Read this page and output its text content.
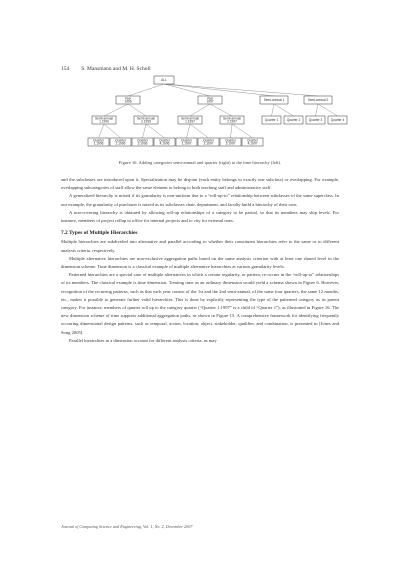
154 S. Mansmann and M. H. Scholl
ALL
Year
1996
Year
1997	Semi-annual 1	Semi-annual 2
Semi-annual
1.1996
Semi-annual
2.1996
Semi-annual
1.1997
Semi-annual
2.1997	Quarter 1	Quarter 2	Quarter 3	Quarter 4
Quarter
1.1996
Quarter
2.1996
Quarter
3.1996
Quarter
4.1996
Quarter
1.1997
Quarter
2.1997
Quarter
3.1997
Quarter
4.1997
Figure 16. Adding categories semi-annual and quarter (right) to the time hierarchy (left).

and the subclasses are introduced upon it. Specialization may be disjoint (each entity belongs to exactly one subclass) or overlapping. For example, overlapping subcategories of staff allow the same element to belong to both teaching staff and administrative staff.

A generalized hierarchy is mixed if its granularity is non-uniform due to a “roll-up-to” relationship between subclasses of the same superclass. In our example, the granularity of purchaser is mixed as its subclasses chair, department, and faculty build a hierarchy of their own.

A non-covering hierarchy is obtained by allowing roll-up relationships of a category to be partial, so that its members may skip levels. For instance, members of project rollup to office for internal projects and to city for external ones.

7.2 Types of Multiple Hierarchies

Multiple hierarchies are subdivided into alternative and parallel according to whether their constituent hierarchies refer to the same or to different analysis criteria, respectively.

Multiple alternative hierarchies are non-exclusive aggregation paths based on the same analysis criterion with at least one shared level in the dimension scheme. Time dimension is a classical example of multiple alternative hierarchies at various granularity levels.

Patterned hierarchies are a special case of multiple alternatives in which a certain regularity, or pattern, re-occurs in the “roll-up-to” relationships of its members. The classical example is time dimension. Treating time as an ordinary dimension would yield a schema shown in Figure 6. However, recognition of the recurring patterns, such as that each year consist of the 1st and the 2nd semi-annual, of the same four quarters, the same 12 months, etc., makes it possible to generate further valid hierarchies. This is done by explicitly representing the type of the patterned category as its parent category. For instance, members of quarter roll up to the category quarter (“Quarter 1.1997” is a child of “Quarter 1”), as illustrated in Figure 16. The new dimension scheme of time supports additional aggregation paths, as shown in Figure 15. A comprehensive framework for identifying frequently occurring dimensional design patterns, such as temporal, action, location, object, stakeholder, qualifier, and combination, is presented in [Jones and Song 2005].

Parallel hierarchies in a dimension account for different analysis criteria, as may

Journal of Computing Science and Engineering, Vol. 1, No. 2, December 2007
